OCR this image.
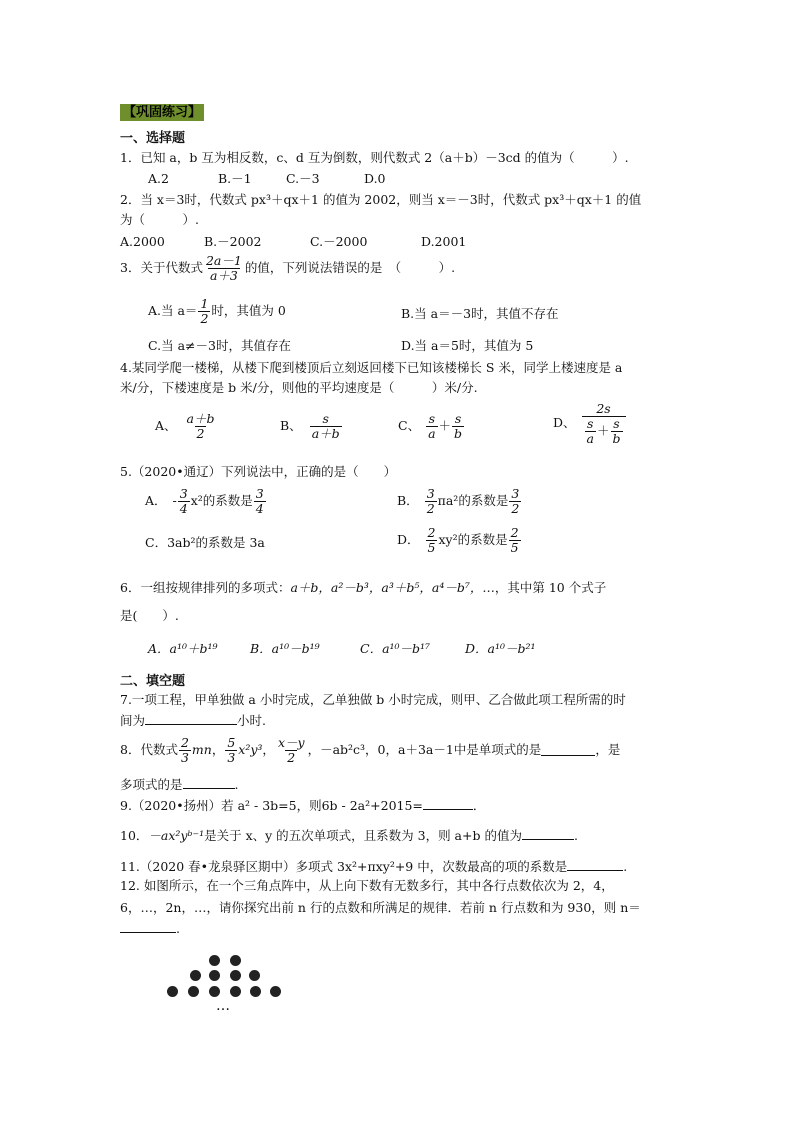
【巩固练习】
一、选择题
1．已知 a，b 互为相反数，c、d 互为倒数，则代数式 2（a＋b）－3cd 的值为（　　　）.
A.2	B.－1	C.－3	D.0
2．当 x＝3时，代数式 px³＋qx＋1 的值为 2002，则当 x＝－3时，代数式 px³＋qx＋1 的值
为（　　　）.
A.2000	B.－2002	C.－2000	D.2001
3．关于代数式 $\frac{2a-1}{a+3}$ 的值，下列说法错误的是　（　　　）.
A.当 $a= \frac{1}{2}$ 时，其值为 0	B.当 a＝－3时，其值不存在
C.当 a≠－3时，其值存在	D.当 a＝5时，其值为 5
4.某同学爬一楼梯，从楼下爬到楼顶后立刻返回楼下已知该楼梯长 S 米，同学上楼速度是 a
米/分，下楼速度是 b 米/分，则他的平均速度是（　　　）米/分.
A、 $\frac{a+b}{2}$	B、 $\frac{s}{a+b}$	C、 $\frac{s}{a} + \frac{s}{b}$	D、 $\frac{2s}{\frac{s}{a} + \frac{s}{b}}$
5.（2020•通辽）下列说法中，正确的是（　　）
A． - $\frac{3}{4} x^2$的系数是 $\frac{3}{4}$	B． $\frac{3}{2} \pi a^2$的系数是 $\frac{3}{2}$
C．3ab²的系数是 3a	D． $\frac{2}{5} xy^2$的系数是 $\frac{2}{5}$
6．一组按规律排列的多项式：a＋b，a²－b³，a³＋b⁵，a⁴－b⁷，…，其中第 10 个式子
是(　　）.
A．a¹⁰＋b¹⁹	B．a¹⁰－b¹⁹	C．a¹⁰－b¹⁷	D．a¹⁰－b²¹
二、填空题
7.一项工程，甲单独做 a 小时完成，乙单独做 b 小时完成，则甲、乙合做此项工程所需的时
间为	小时.
8．代数式 $\frac{2}{3}$ mn ， $\frac{5}{3} x^2y^3$ ， $\frac{x-y}{2}$ ，－ab²c³，0，a＋3a－1中是单项式的是	，是
多项式的是	.
9.（2020•扬州）若 a² - 3b=5，则6b - 2a²+2015=	．
10．－ax²yᵇ⁻¹是关于 x、y 的五次单项式，且系数为 3，则 a+b 的值为	.
11.（2020 春•龙泉驿区期中）多项式 3x²+πxy²+9 中，次数最高的项的系数是	.
12. 如图所示，在一个三角点阵中，从上向下数有无数多行，其中各行点数依次为 2，4，
6，…，2n，…，请你探究出前 n 行的点数和所满足的规律．若前 n 行点数和为 930，则 n＝
.
…
